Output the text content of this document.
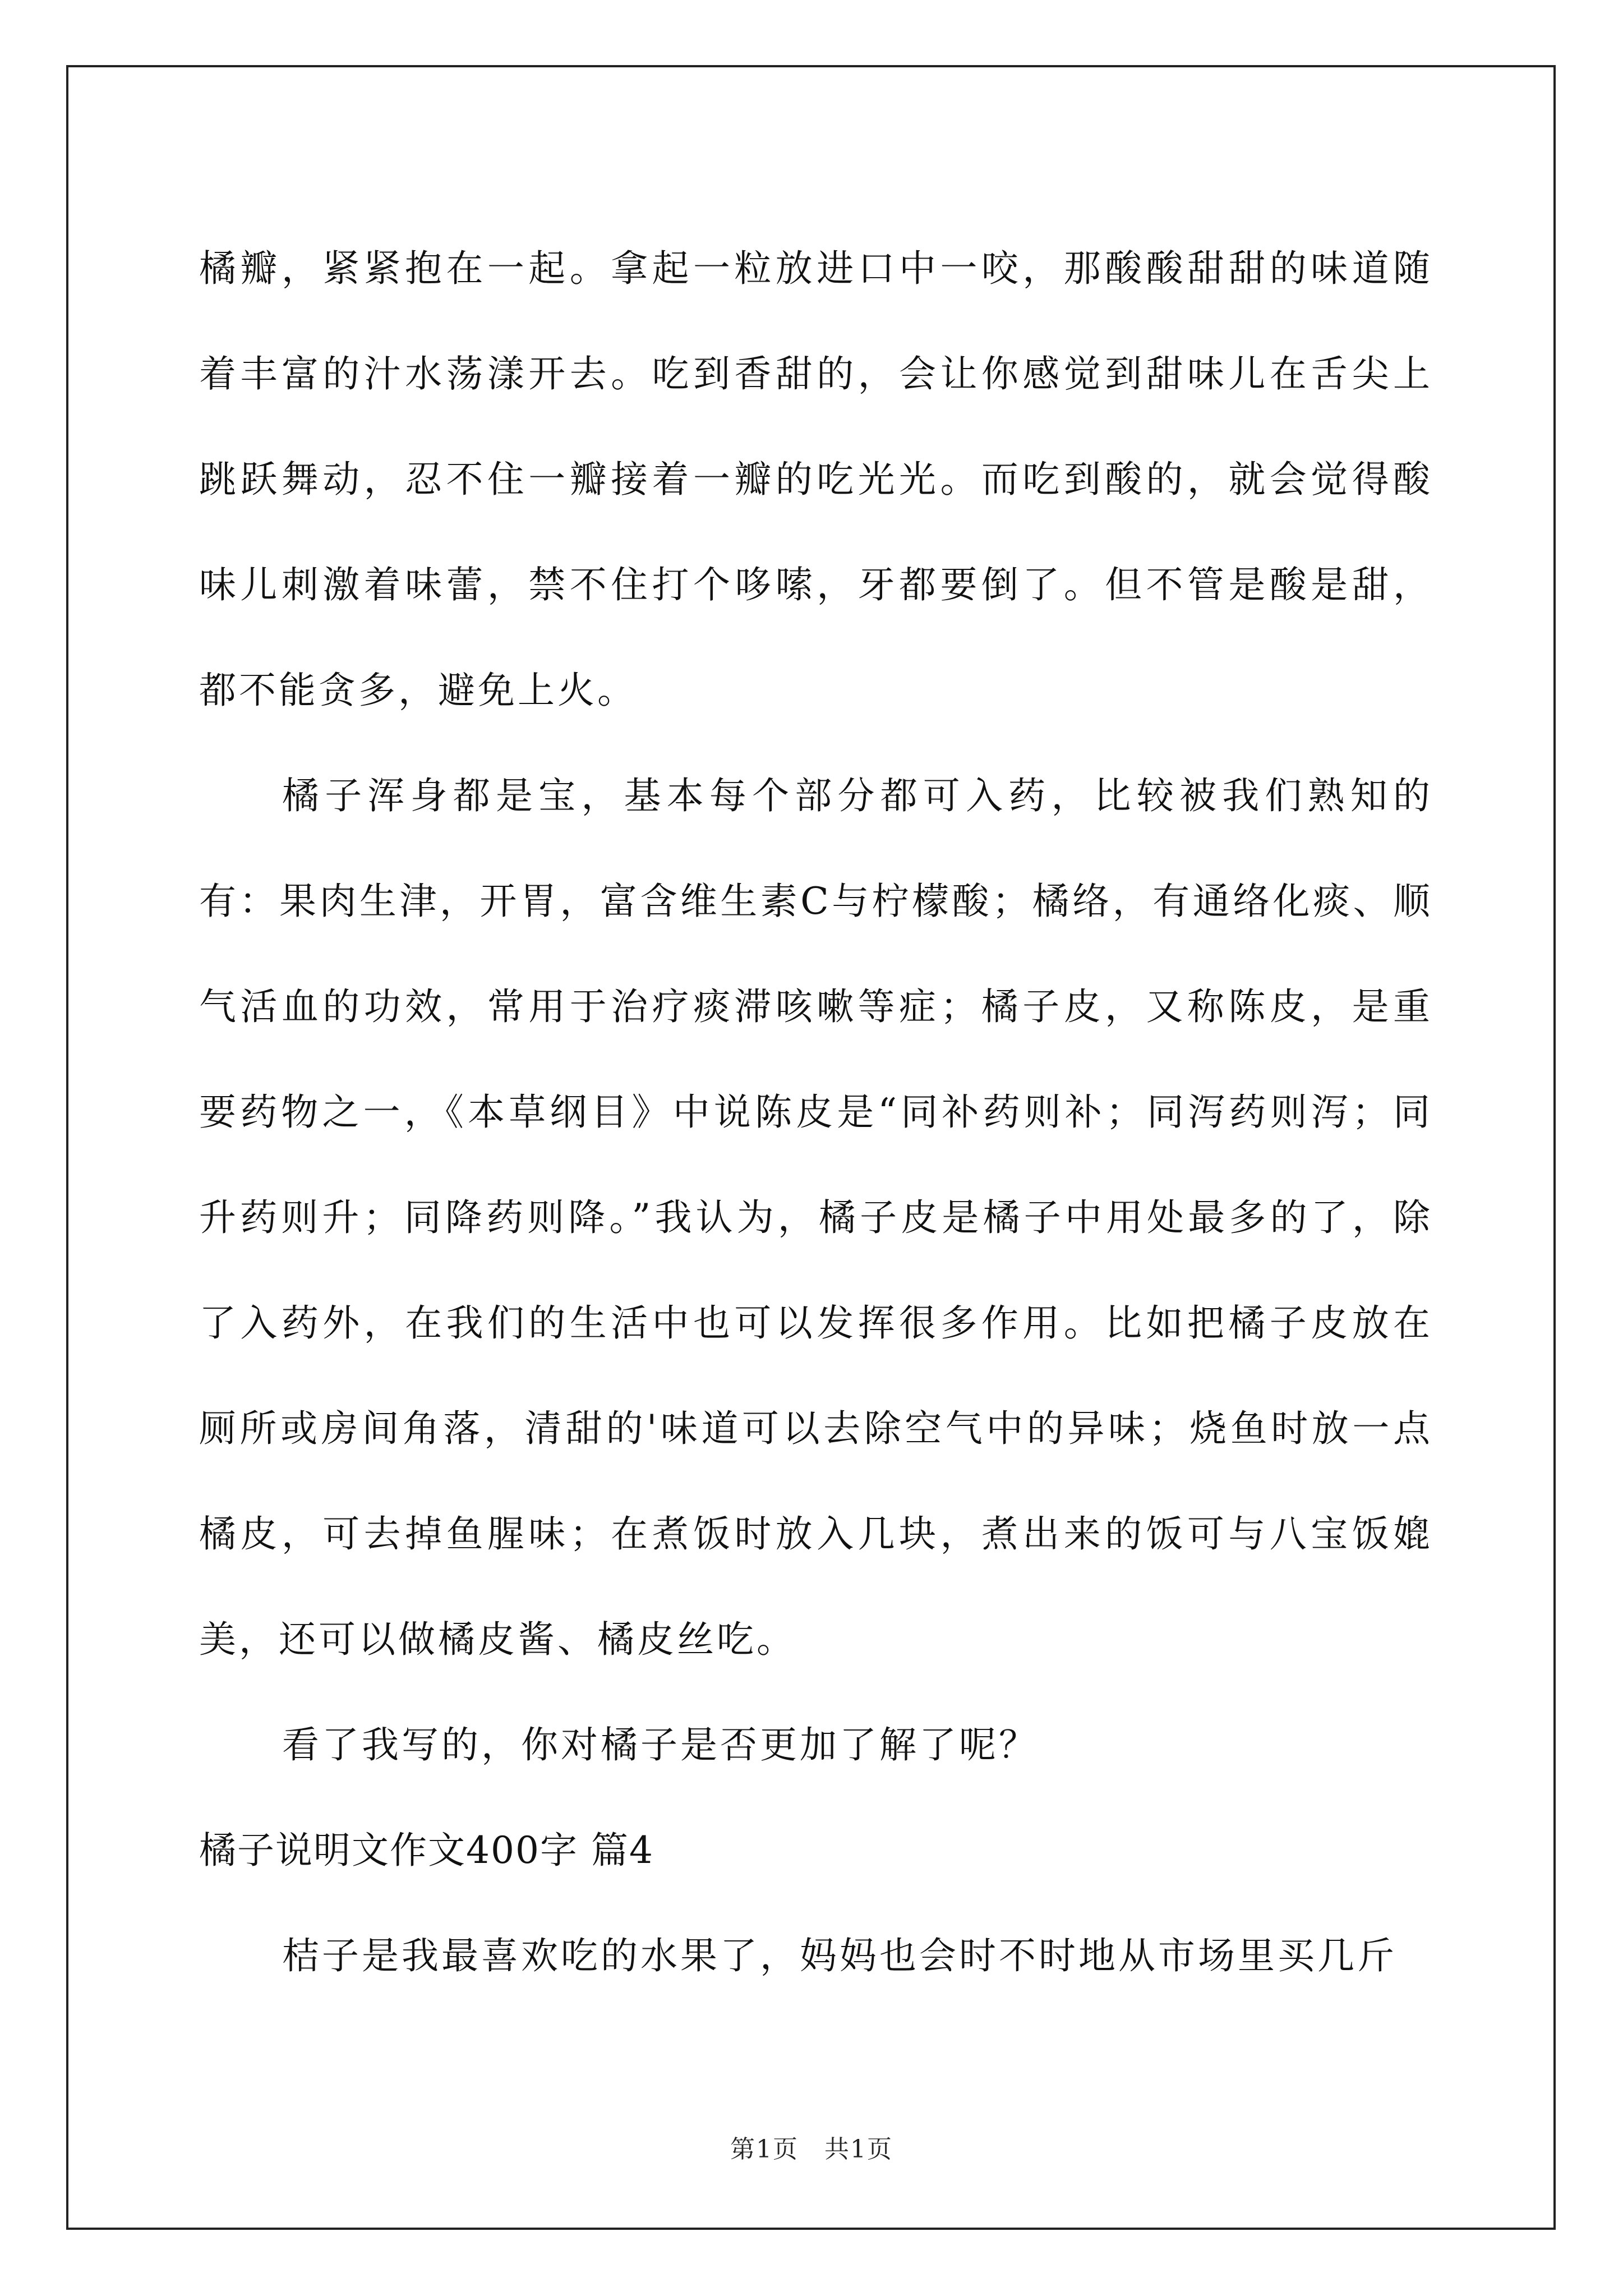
橘瓣，紧紧抱在一起。拿起一粒放进口中一咬，那酸酸甜甜的味道随着丰富的汁水荡漾开去。吃到香甜的，会让你感觉到甜味儿在舌尖上跳跃舞动，忍不住一瓣接着一瓣的吃光光。而吃到酸的，就会觉得酸味儿刺激着味蕾，禁不住打个哆嗦，牙都要倒了。但不管是酸是甜，都不能贪多，避免上火。

橘子浑身都是宝，基本每个部分都可入药，比较被我们熟知的有：果肉生津，开胃，富含维生素C与柠檬酸；橘络，有通络化痰、顺气活血的功效，常用于治疗痰滞咳嗽等症；橘子皮，又称陈皮，是重要药物之一，《本草纲目》中说陈皮是“同补药则补；同泻药则泻；同升药则升；同降药则降。”我认为，橘子皮是橘子中用处最多的了，除了入药外，在我们的生活中也可以发挥很多作用。比如把橘子皮放在厕所或房间角落，清甜的'味道可以去除空气中的异味；烧鱼时放一点橘皮，可去掉鱼腥味；在煮饭时放入几块，煮出来的饭可与八宝饭媲美，还可以做橘皮酱、橘皮丝吃。

看了我写的，你对橘子是否更加了解了呢？

橘子说明文作文400字 篇4

桔子是我最喜欢吃的水果了，妈妈也会时不时地从市场里买几斤

第1页　共1页
